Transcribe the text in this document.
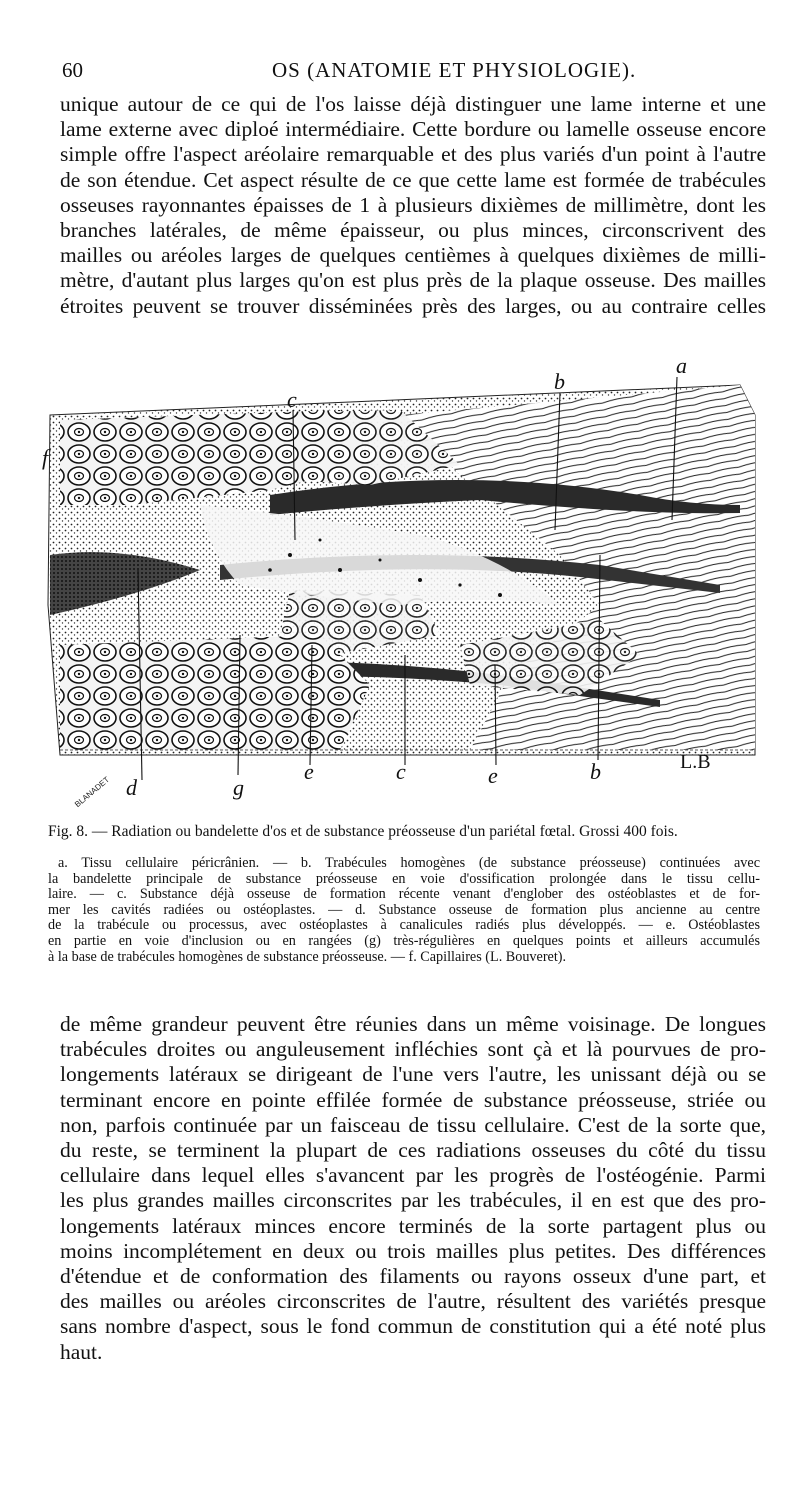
60	OS (ANATOMIE ET PHYSIOLOGIE).

unique autour de ce qui de l'os laisse déjà distinguer une lame interne et une
lame externe avec diploé intermédiaire. Cette bordure ou lamelle osseuse encore
simple offre l'aspect aréolaire remarquable et des plus variés d'un point à l'autre
de son étendue. Cet aspect résulte de ce que cette lame est formée de trabécules
osseuses rayonnantes épaisses de 1 à plusieurs dixièmes de millimètre, dont les
branches latérales, de même épaisseur, ou plus minces, circonscrivent des
mailles ou aréoles larges de quelques centièmes à quelques dixièmes de milli-
mètre, d'autant plus larges qu'on est plus près de la plaque osseuse. Des mailles
étroites peuvent se trouver disséminées près des larges, ou au contraire celles

a
b
c
f
d	g
e	c	e	b	L.B
BLANADET

Fig. 8. — Radiation ou bandelette d'os et de substance préosseuse d'un pariétal fœtal. Grossi 400 fois.

a. Tissu cellulaire péricrânien. — b. Trabécules homogènes (de substance préosseuse) continuées avec
la bandelette principale de substance préosseuse en voie d'ossification prolongée dans le tissu cellu-
laire. — c. Substance déjà osseuse de formation récente venant d'englober des ostéoblastes et de for-
mer les cavités radiées ou ostéoplastes. — d. Substance osseuse de formation plus ancienne au centre
de la trabécule ou processus, avec ostéoplastes à canalicules radiés plus développés. — e. Ostéoblastes
en partie en voie d'inclusion ou en rangées (g) très-régulières en quelques points et ailleurs accumulés
à la base de trabécules homogènes de substance préosseuse. — f. Capillaires (L. Bouveret).

de même grandeur peuvent être réunies dans un même voisinage. De longues
trabécules droites ou anguleusement infléchies sont çà et là pourvues de pro-
longements latéraux se dirigeant de l'une vers l'autre, les unissant déjà ou se
terminant encore en pointe effilée formée de substance préosseuse, striée ou
non, parfois continuée par un faisceau de tissu cellulaire. C'est de la sorte que,
du reste, se terminent la plupart de ces radiations osseuses du côté du tissu
cellulaire dans lequel elles s'avancent par les progrès de l'ostéogénie. Parmi
les plus grandes mailles circonscrites par les trabécules, il en est que des pro-
longements latéraux minces encore terminés de la sorte partagent plus ou
moins incomplétement en deux ou trois mailles plus petites. Des différences
d'étendue et de conformation des filaments ou rayons osseux d'une part, et
des mailles ou aréoles circonscrites de l'autre, résultent des variétés presque
sans nombre d'aspect, sous le fond commun de constitution qui a été noté plus
haut.
